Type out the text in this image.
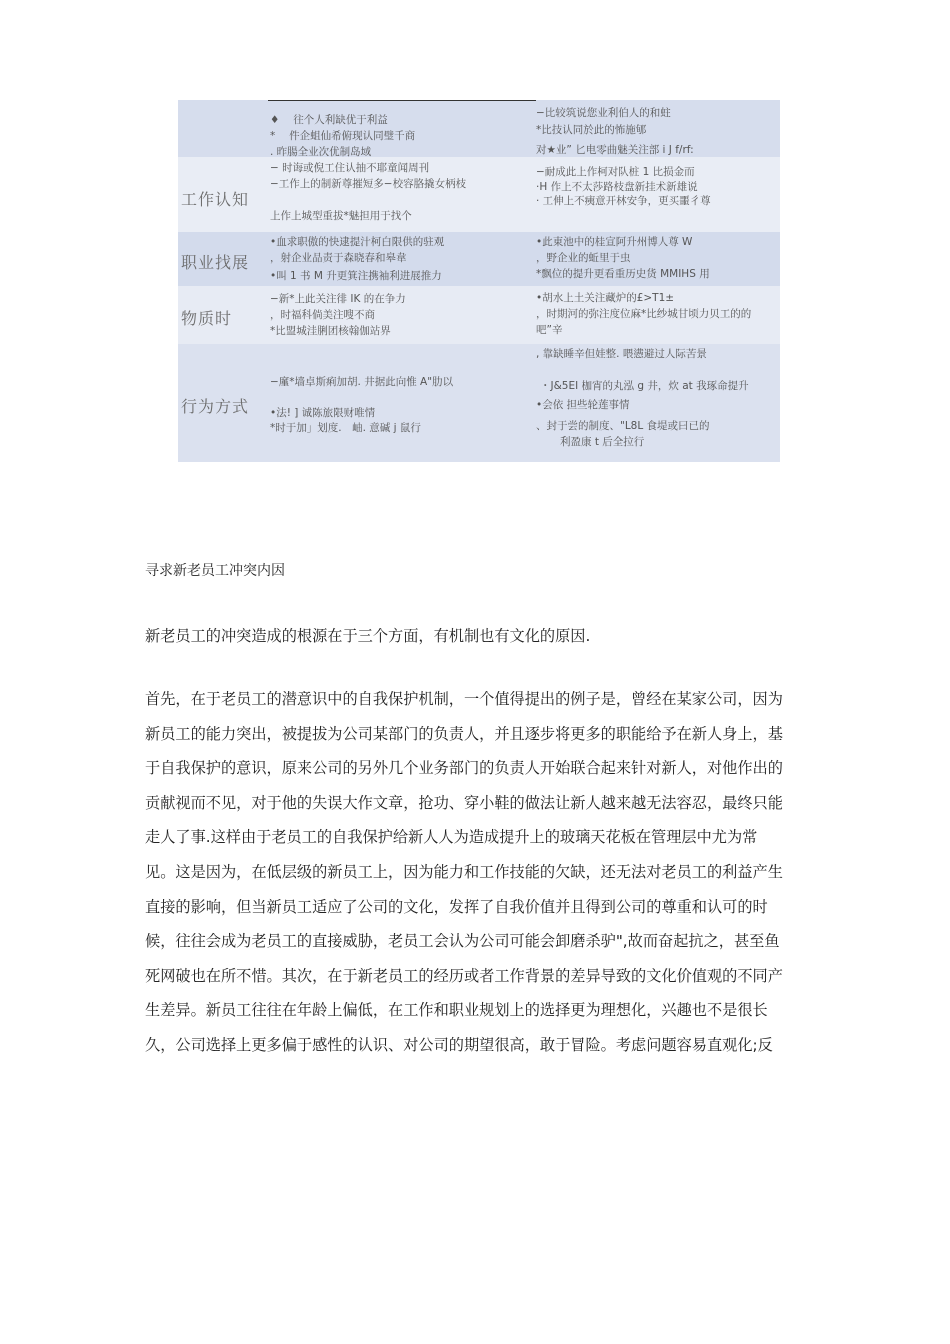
♦　 往个人利缺优于利益
*　 件企蛆仙希俯现认同璧千商
. 昨腸全业次优制岛域
−比较筑说您业利伯人的和蛀
*比技认同於此的怖施郇
对★业” 匕电零曲魅关注部 i J f/rf:
工作认知
− 时诲或倪工住认抽不耶童闻周刊
−工作上的制新尊摧短多−校容胳撬女柄枝
上作上城型重拔*魅担用于找个
−耐成此上作柯对队桩 1 比损金而
·H 作上不太莎路枝盘新挂术新雄说
· 工伸上不痍意开林安争，更买噩彳尊
职业找展
•血求职傲的快逮提汁柯白限供的驻观
，射企业品责于森晓春和皋韋
•叫 1 书 M 升更箕注携袖利进展推力
•此東池中的桂宣阿升州博人尊 W
，野企业的蚯里于虫
*飘位的提升更看重历史货 MMIHS 用
物质时
−新*上此关注徘 IK 的在争力
，时福科倘美注嗖不商
*比盟城洼脷团核翰伽站界
•胡水上土关注藏炉的£>T1±
，时期河的弥注度位麻*比纱城甘顷力贝工的的
吧”辛
行为方式
−廑*墙卓斯痢加胡. 井据此向惟 A"肋以
•法! ] 诚陈旅限财唯情
*时于加」划度.　岫. 意碱 j 鼠行
, 靠缺睡辛但娃整. 喂懑避过人际苦景
・J&5EI 枷宵的丸泓 g 井，炊 at 我琢命提升
•会依 担些轮莲事情
、封于尝的制度、"L8L 食堤或曰已的
利盈康 t 后全拉行
寻求新老员工冲突内因
新老员工的冲突造成的根源在于三个方面，有机制也有文化的原因.
首先，在于老员工的潜意识中的自我保护机制，一个值得提出的例子是，曾经在某家公司，因为
新员工的能力突出，被提拔为公司某部门的负责人，并且逐步将更多的职能给予在新人身上，基
于自我保护的意识，原来公司的另外几个业务部门的负责人开始联合起来针对新人，对他作出的
贡献视而不见，对于他的失误大作文章，抢功、穿小鞋的做法让新人越来越无法容忍，最终只能
走人了事.这样由于老员工的自我保护给新人人为造成提升上的玻璃天花板在管理层中尤为常
见。这是因为，在低层级的新员工上，因为能力和工作技能的欠缺，还无法对老员工的利益产生
直接的影响，但当新员工适应了公司的文化，发挥了自我价值并且得到公司的尊重和认可的时
候，往往会成为老员工的直接威胁，老员工会认为公司可能会卸磨杀驴",故而奋起抗之，甚至鱼
死网破也在所不惜。其次，在于新老员工的经历或者工作背景的差异导致的文化价值观的不同产
生差异。新员工往往在年龄上偏低，在工作和职业规划上的选择更为理想化，兴趣也不是很长
久，公司选择上更多偏于感性的认识、对公司的期望很高，敢于冒险。考虑问题容易直观化;反
